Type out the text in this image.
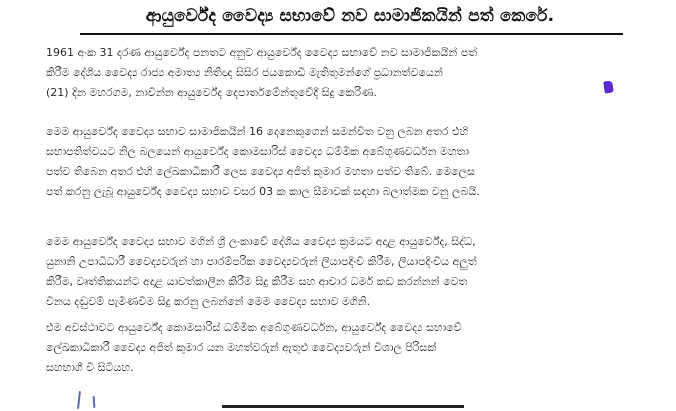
ආයුර්වේද වෛද්‍ය සභාවේ නව සාමාජිකයින් පත් කෙරේ.
1961 අංක 31 දරණ ආයුර්වේද පනතට අනුව ආයුර්වේද වෛද්‍ය සභාවේ නව සාමාජිකයින් පත්
කිරීම දේශීය වෛද්‍ය රාජ්‍ය අමාත්‍ය නිතිඥ සිසිර ජයකොඩි මැතිතුමන්ගේ ප්‍රධානත්වයෙන්
(21) දින මහරගම, නාවින්න ආයුර්වේද දෙපාර්තමේන්තුවේදී සිදු කෙරිණ.
මෙම ආයුර්වේද වෛද්‍ය සභාව සාමාජිකයින් 16 දෙනෙකුගෙන් සමන්විත වනු ලබන අතර එහි
සභාපතිත්වයට නිල බලයෙන් ආයුර්වේද කොමසාරිස් වෛද්‍ය ධම්මික අබේගුණවර්ධන මහතා
පත්ව තිබෙන අතර එහි ලේඛකාධිකාරී ලෙස වෛද්‍ය අජිත් කුමාර මහතා පත්ව තිබේ. මෙලෙස
පත් කරනු ලැබූ ආයුර්වේද වෛද්‍ය සභාව වසර 03 ක කාල සීමාවක් සඳහා බලාත්මක වනු ලබයි.
මෙම ආයුර්වේද වෛද්‍ය සභාව මගින් ශ්‍රී ලංකාවේ දේශීය වෛද්‍ය ක්‍රමයට අදාළ ආයුර්වේද, සිද්ධ,
යුනානි උපාධිධාරී වෛද්‍යවරුන් හා පාරම්පරික වෛද්‍යවරුන් ලියාපදිංචි කිරීම, ලියාපදිංචිය අලුත්
කිරීම, වෘත්තිකයන්ට අදාළ යාවත්කාලීන කිරීම සිදු කිරීම සහ ආචාර ධර්ම කඩ කරන්නන් වෙත
විනය දඬුවම් පැමිණවීම සිදු කරනු ලබන්නේ මෙම වෛද්‍ය සභාව මගිනි.
එම අවස්ථාවට ආයුර්වේද කොමසාරිස් ධම්මික අබේගුණවර්ධන, ආයුර්වේද වෛද්‍ය සභාවේ
ලේඛකාධිකාරී වෛද්‍ය අජිත් කුමාර යන මහත්වරුන් ඇතුළු වෛද්‍යවරුන් විශාල පිරිසක්
සහභාගී වී සිටියහ.
